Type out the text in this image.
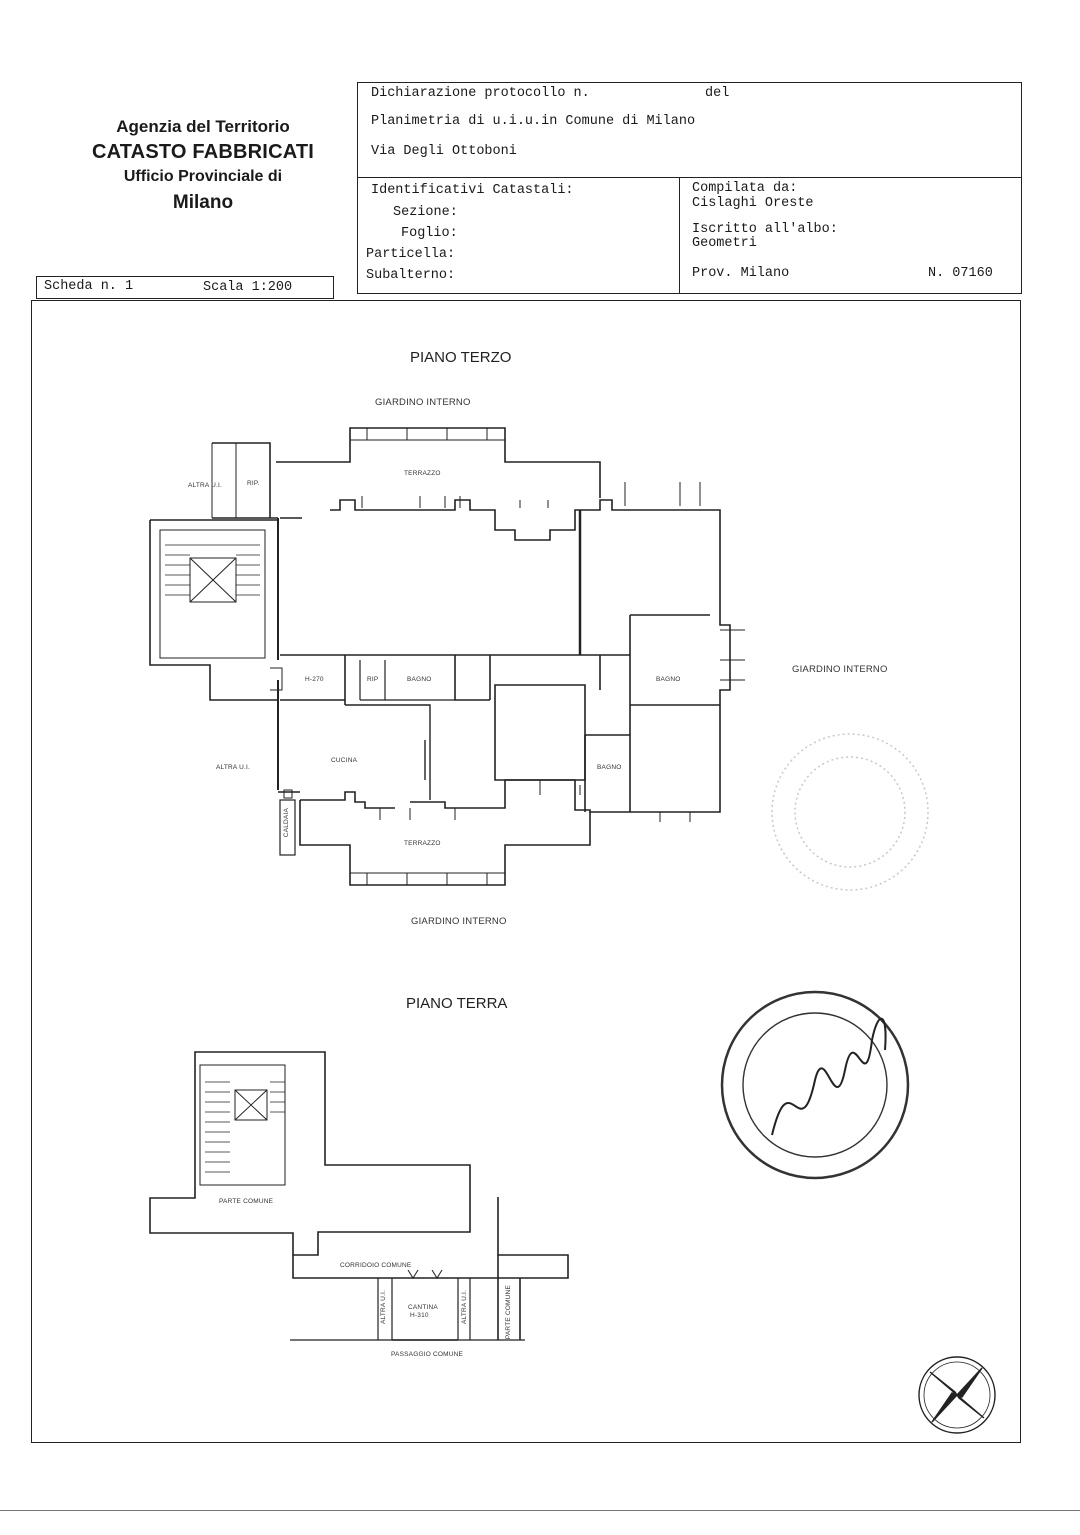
Agenzia del Territorio
CATASTO FABBRICATI
Ufficio Provinciale di
Milano
Dichiarazione protocollo n.	del
Planimetria di u.i.u.in Comune di Milano
Via Degli Ottoboni
Identificativi Catastali:
Sezione:
Foglio:
Particella:
Subalterno:
Compilata da:
Cislaghi Oreste
Iscritto all'albo:
Geometri
Prov. Milano	N. 07160
Scheda n. 1	Scala 1:200
PIANO TERZO
GIARDINO INTERNO
GIARDINO INTERNO
GIARDINO INTERNO
TERRAZZO
TERRAZZO
ALTRA U.I.
ALTRA U.I.
RIP.
RIP
H-270	BAGNO	BAGNO
BAGNO
CUCINA
CALDAIA
PIANO TERRA
PARTE COMUNE
CORRIDOIO COMUNE
CANTINA
H-310
ALTRA U.I.	ALTRA U.I.	PARTE COMUNE
PASSAGGIO COMUNE
